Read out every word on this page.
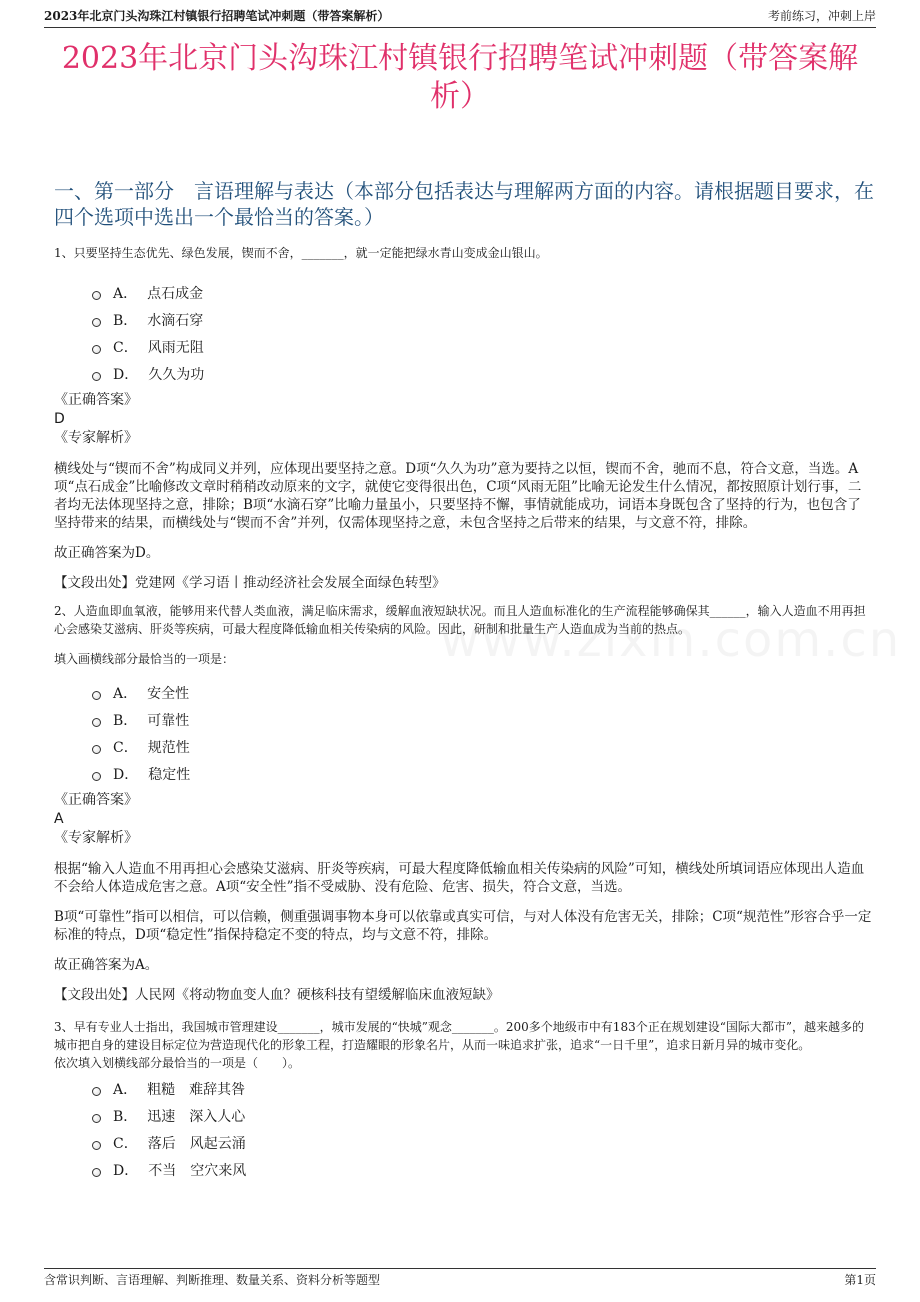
2023年北京门头沟珠江村镇银行招聘笔试冲刺题（带答案解析）	考前练习，冲刺上岸
2023年北京门头沟珠江村镇银行招聘笔试冲刺题（带答案解析）
一、第一部分　言语理解与表达（本部分包括表达与理解两方面的内容。请根据题目要求，在四个选项中选出一个最恰当的答案。）

1、只要坚持生态优先、绿色发展，锲而不舍，_______，就一定能把绿水青山变成金山银山。

A． 点石成金
B． 水滴石穿
C． 风雨无阻
D． 久久为功

《正确答案》

D

《专家解析》

横线处与“锲而不舍”构成同义并列，应体现出要坚持之意。D项“久久为功”意为要持之以恒，锲而不舍，驰而不息，符合文意，当选。A项“点石成金”比喻修改文章时稍稍改动原来的文字，就使它变得很出色，C项“风雨无阻”比喻无论发生什么情况，都按照原计划行事，二者均无法体现坚持之意，排除；B项“水滴石穿”比喻力量虽小，只要坚持不懈，事情就能成功，词语本身既包含了坚持的行为，也包含了坚持带来的结果，而横线处与“锲而不舍”并列，仅需体现坚持之意，未包含坚持之后带来的结果，与文意不符，排除。

故正确答案为D。

【文段出处】党建网《学习语丨推动经济社会发展全面绿色转型》

2、人造血即血氧液，能够用来代替人类血液，满足临床需求，缓解血液短缺状况。而且人造血标准化的生产流程能够确保其______，输入人造血不用再担心会感染艾滋病、肝炎等疾病，可最大程度降低输血相关传染病的风险。因此，研制和批量生产人造血成为当前的热点。

填入画横线部分最恰当的一项是：

A． 安全性
B． 可靠性
C． 规范性
D． 稳定性

《正确答案》

A

《专家解析》

根据“输入人造血不用再担心会感染艾滋病、肝炎等疾病，可最大程度降低输血相关传染病的风险”可知，横线处所填词语应体现出人造血不会给人体造成危害之意。A项“安全性”指不受威胁、没有危险、危害、损失，符合文意，当选。

B项“可靠性”指可以相信，可以信赖，侧重强调事物本身可以依靠或真实可信，与对人体没有危害无关，排除；C项“规范性”形容合乎一定标准的特点，D项“稳定性”指保持稳定不变的特点，均与文意不符，排除。

故正确答案为A。

【文段出处】人民网《将动物血变人血？硬核科技有望缓解临床血液短缺》

3、早有专业人士指出，我国城市管理建设_______，城市发展的“快城”观念_______。200多个地级市中有183个正在规划建设“国际大都市”，越来越多的城市把自身的建设目标定位为营造现代化的形象工程，打造耀眼的形象名片，从而一味追求扩张，追求“一日千里”，追求日新月异的城市变化。

依次填入划横线部分最恰当的一项是（　　）。

A． 粗糙　难辞其咎
B． 迅速　深入人心
C． 落后　风起云涌
D． 不当　空穴来风
含常识判断、言语理解、判断推理、数量关系、资料分析等题型	第1页
